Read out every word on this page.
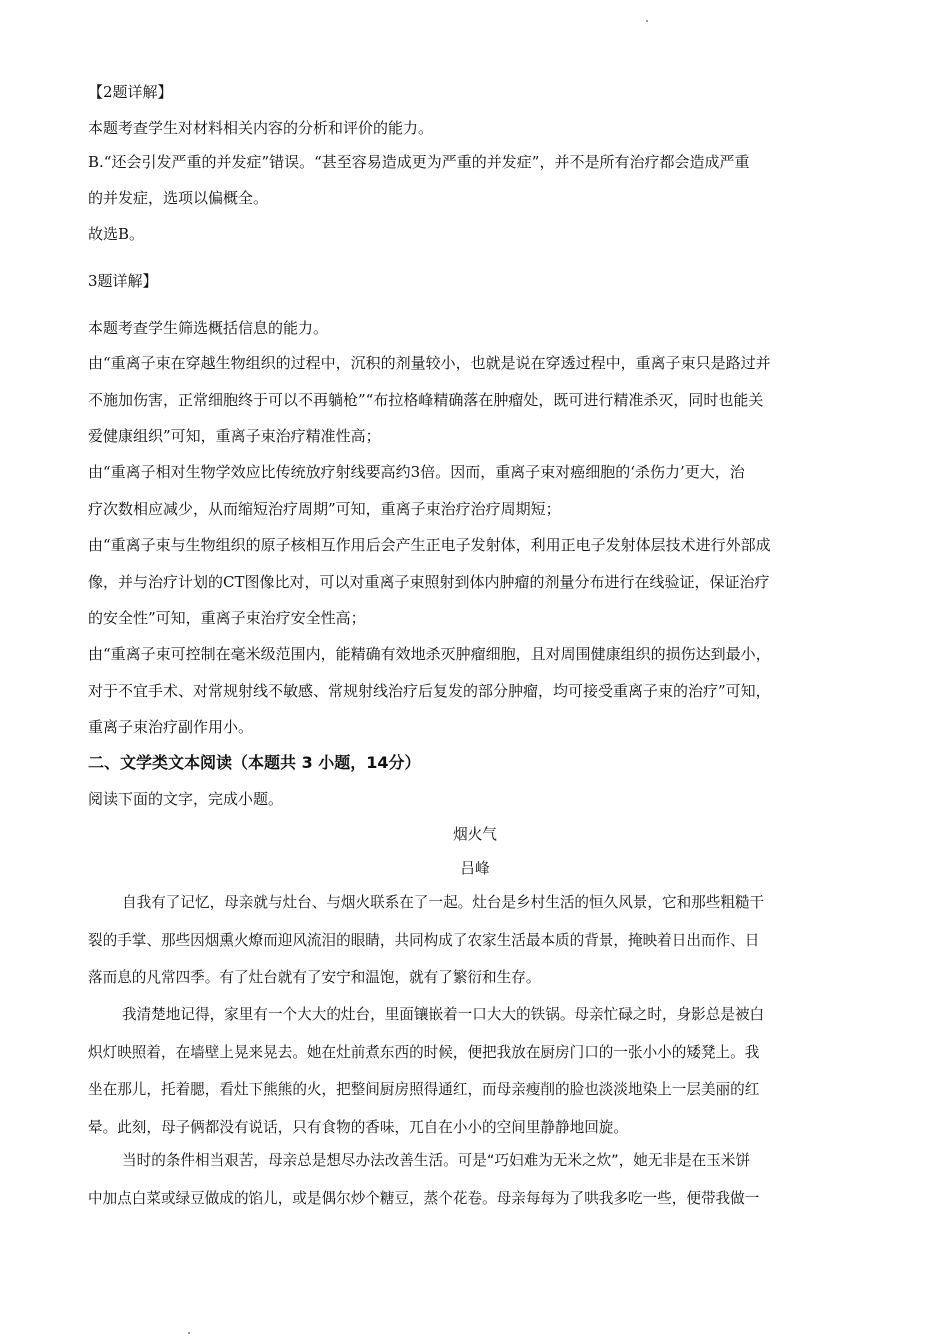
【2题详解】
本题考查学生对材料相关内容的分析和评价的能力。
B.“还会引发严重的并发症”错误。“甚至容易造成更为严重的并发症”，并不是所有治疗都会造成严重
的并发症，选项以偏概全。
故选B。
3题详解】
本题考查学生筛选概括信息的能力。
由“重离子束在穿越生物组织的过程中，沉积的剂量较小，也就是说在穿透过程中，重离子束只是路过并
不施加伤害，正常细胞终于可以不再躺枪”“布拉格峰精确落在肿瘤处，既可进行精准杀灭，同时也能关
爱健康组织”可知，重离子束治疗精准性高；
由“重离子相对生物学效应比传统放疗射线要高约3倍。因而，重离子束对癌细胞的‘杀伤力’更大，治
疗次数相应减少，从而缩短治疗周期”可知，重离子束治疗治疗周期短；
由“重离子束与生物组织的原子核相互作用后会产生正电子发射体，利用正电子发射体层技术进行外部成
像，并与治疗计划的CT图像比对，可以对重离子束照射到体内肿瘤的剂量分布进行在线验证，保证治疗
的安全性”可知，重离子束治疗安全性高；
由“重离子束可控制在毫米级范围内，能精确有效地杀灭肿瘤细胞，且对周围健康组织的损伤达到最小，
对于不宜手术、对常规射线不敏感、常规射线治疗后复发的部分肿瘤，均可接受重离子束的治疗”可知，
重离子束治疗副作用小。
二、文学类文本阅读（本题共 3 小题，14分）
阅读下面的文字，完成小题。
烟火气
吕峰
自我有了记忆，母亲就与灶台、与烟火联系在了一起。灶台是乡村生活的恒久风景，它和那些粗糙干
裂的手掌、那些因烟熏火燎而迎风流泪的眼睛，共同构成了农家生活最本质的背景，掩映着日出而作、日
落而息的凡常四季。有了灶台就有了安宁和温饱，就有了繁衍和生存。
我清楚地记得，家里有一个大大的灶台，里面镶嵌着一口大大的铁锅。母亲忙碌之时，身影总是被白
炽灯映照着，在墙壁上晃来晃去。她在灶前煮东西的时候，便把我放在厨房门口的一张小小的矮凳上。我
坐在那儿，托着腮，看灶下熊熊的火，把整间厨房照得通红，而母亲瘦削的脸也淡淡地染上一层美丽的红
晕。此刻，母子俩都没有说话，只有食物的香味，兀自在小小的空间里静静地回旋。
当时的条件相当艰苦，母亲总是想尽办法改善生活。可是“巧妇难为无米之炊”，她无非是在玉米饼
中加点白菜或绿豆做成的馅儿，或是偶尔炒个糖豆，蒸个花卷。母亲每每为了哄我多吃一些，便带我做一
